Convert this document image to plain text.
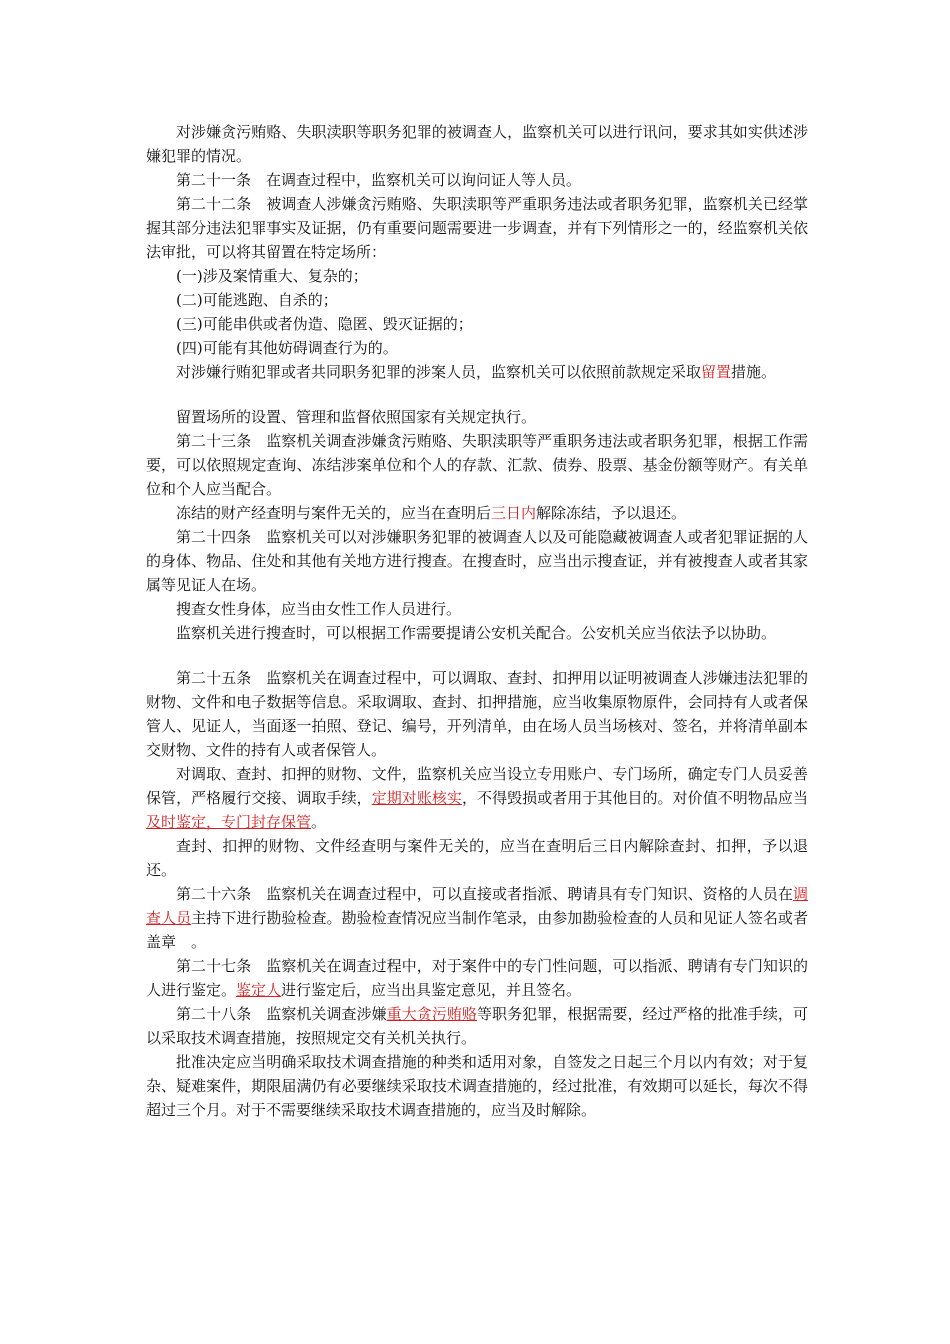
对涉嫌贪污贿赂、失职渎职等职务犯罪的被调查人，监察机关可以进行讯问，要求其如实供述涉嫌犯罪的情况。

第二十一条　在调查过程中，监察机关可以询问证人等人员。

第二十二条　被调查人涉嫌贪污贿赂、失职渎职等严重职务违法或者职务犯罪，监察机关已经掌握其部分违法犯罪事实及证据，仍有重要问题需要进一步调查，并有下列情形之一的，经监察机关依法审批，可以将其留置在特定场所：

(一)涉及案情重大、复杂的；

(二)可能逃跑、自杀的；

(三)可能串供或者伪造、隐匿、毁灭证据的；

(四)可能有其他妨碍调查行为的。

对涉嫌行贿犯罪或者共同职务犯罪的涉案人员，监察机关可以依照前款规定采取留置措施。

留置场所的设置、管理和监督依照国家有关规定执行。

第二十三条　监察机关调查涉嫌贪污贿赂、失职渎职等严重职务违法或者职务犯罪，根据工作需要，可以依照规定查询、冻结涉案单位和个人的存款、汇款、债券、股票、基金份额等财产。有关单位和个人应当配合。

冻结的财产经查明与案件无关的，应当在查明后三日内解除冻结，予以退还。

第二十四条　监察机关可以对涉嫌职务犯罪的被调查人以及可能隐藏被调查人或者犯罪证据的人的身体、物品、住处和其他有关地方进行搜查。在搜查时，应当出示搜查证，并有被搜查人或者其家属等见证人在场。

搜查女性身体，应当由女性工作人员进行。

监察机关进行搜查时，可以根据工作需要提请公安机关配合。公安机关应当依法予以协助。

第二十五条　监察机关在调查过程中，可以调取、查封、扣押用以证明被调查人涉嫌违法犯罪的财物、文件和电子数据等信息。采取调取、查封、扣押措施，应当收集原物原件，会同持有人或者保管人、见证人，当面逐一拍照、登记、编号，开列清单，由在场人员当场核对、签名，并将清单副本交财物、文件的持有人或者保管人。

对调取、查封、扣押的财物、文件，监察机关应当设立专用账户、专门场所，确定专门人员妥善保管，严格履行交接、调取手续，定期对账核实，不得毁损或者用于其他目的。对价值不明物品应当及时鉴定，专门封存保管。

查封、扣押的财物、文件经查明与案件无关的，应当在查明后三日内解除查封、扣押，予以退还。

第二十六条　监察机关在调查过程中，可以直接或者指派、聘请具有专门知识、资格的人员在调查人员主持下进行勘验检查。勘验检查情况应当制作笔录，由参加勘验检查的人员和见证人签名或者盖章　。

第二十七条　监察机关在调查过程中，对于案件中的专门性问题，可以指派、聘请有专门知识的人进行鉴定。鉴定人进行鉴定后，应当出具鉴定意见，并且签名。

第二十八条　监察机关调查涉嫌重大贪污贿赂等职务犯罪，根据需要，经过严格的批准手续，可以采取技术调查措施，按照规定交有关机关执行。

批准决定应当明确采取技术调查措施的种类和适用对象，自签发之日起三个月以内有效；对于复杂、疑难案件，期限届满仍有必要继续采取技术调查措施的，经过批准，有效期可以延长，每次不得超过三个月。对于不需要继续采取技术调查措施的，应当及时解除。
